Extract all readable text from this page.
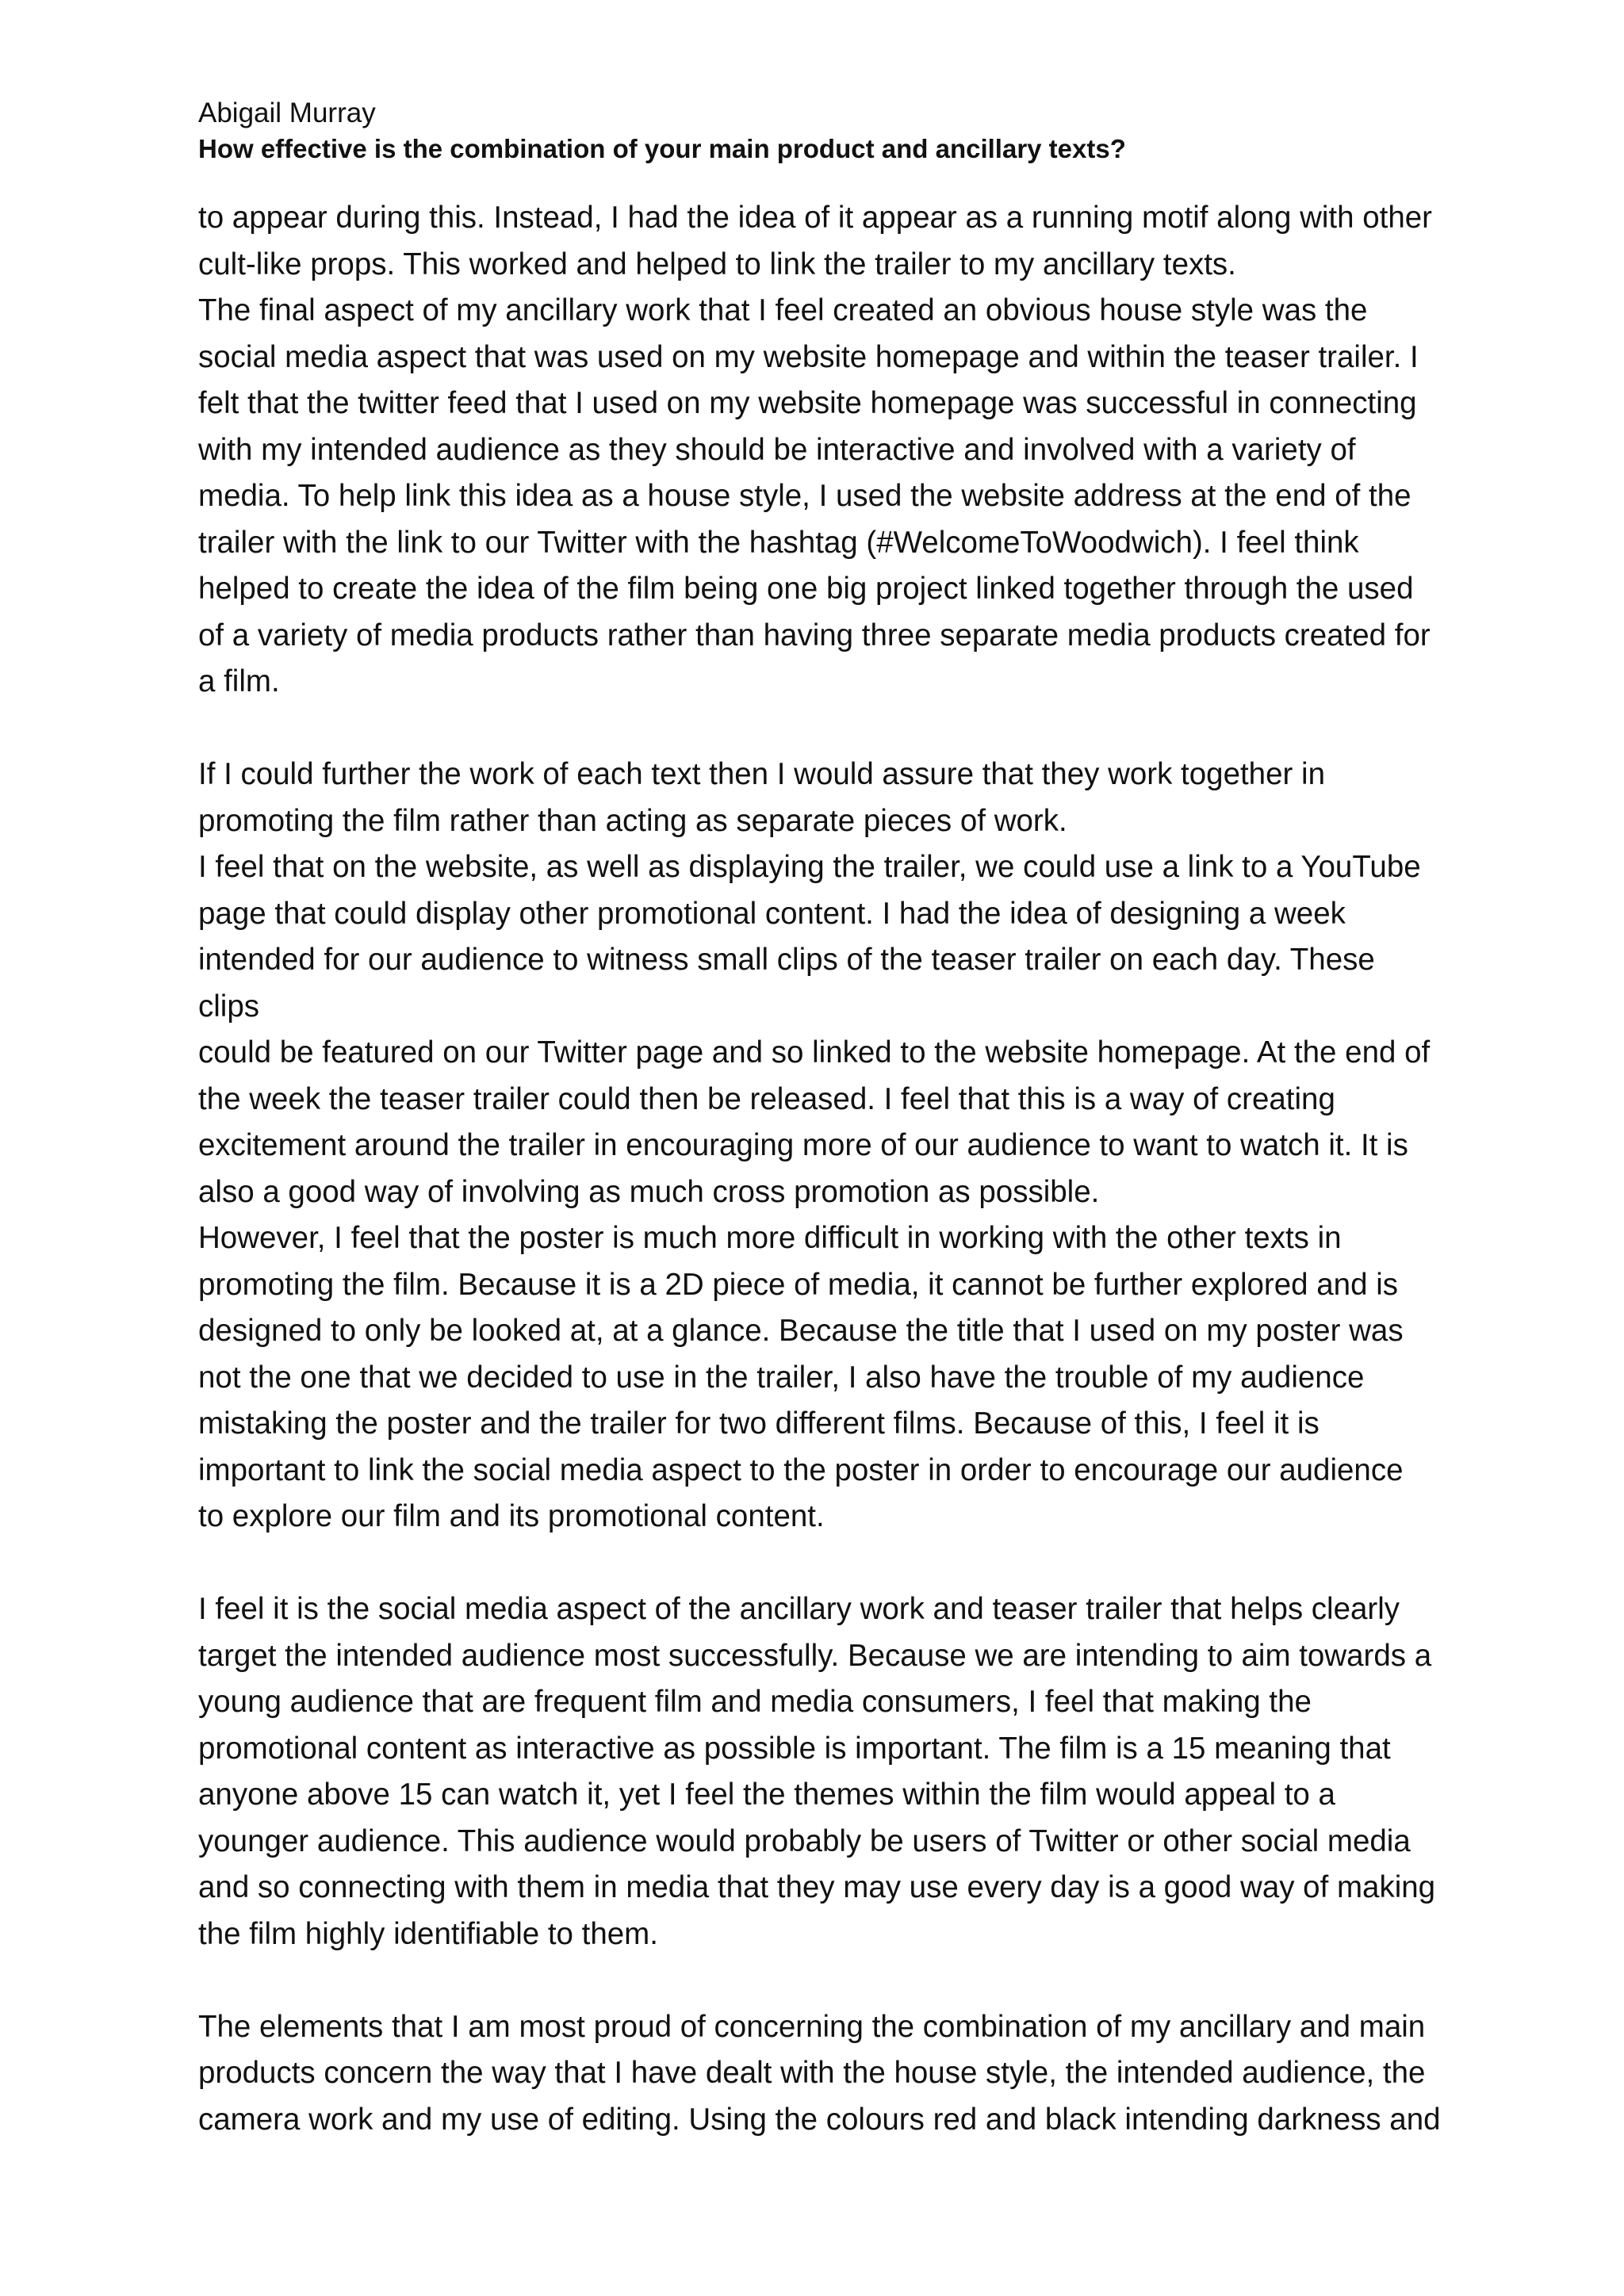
Abigail Murray

How effective is the combination of your main product and ancillary texts?

to appear during this. Instead, I had the idea of it appear as a running motif along with other
cult-like props. This worked and helped to link the trailer to my ancillary texts.

The final aspect of my ancillary work that I feel created an obvious house style was the
social media aspect that was used on my website homepage and within the teaser trailer. I
felt that the twitter feed that I used on my website homepage was successful in connecting
with my intended audience as they should be interactive and involved with a variety of
media. To help link this idea as a house style, I used the website address at the end of the
trailer with the link to our Twitter with the hashtag (#WelcomeToWoodwich). I feel think
helped to create the idea of the film being one big project linked together through the used
of a variety of media products rather than having three separate media products created for
a film.

If I could further the work of each text then I would assure that they work together in
promoting the film rather than acting as separate pieces of work.

I feel that on the website, as well as displaying the trailer, we could use a link to a YouTube
page that could display other promotional content. I had the idea of designing a week
intended for our audience to witness small clips of the teaser trailer on each day. These clips
could be featured on our Twitter page and so linked to the website homepage. At the end of
the week the teaser trailer could then be released. I feel that this is a way of creating
excitement around the trailer in encouraging more of our audience to want to watch it. It is
also a good way of involving as much cross promotion as possible.

However, I feel that the poster is much more difficult in working with the other texts in
promoting the film. Because it is a 2D piece of media, it cannot be further explored and is
designed to only be looked at, at a glance. Because the title that I used on my poster was
not the one that we decided to use in the trailer, I also have the trouble of my audience
mistaking the poster and the trailer for two different films. Because of this, I feel it is
important to link the social media aspect to the poster in order to encourage our audience
to explore our film and its promotional content.

I feel it is the social media aspect of the ancillary work and teaser trailer that helps clearly
target the intended audience most successfully. Because we are intending to aim towards a
young audience that are frequent film and media consumers, I feel that making the
promotional content as interactive as possible is important. The film is a 15 meaning that
anyone above 15 can watch it, yet I feel the themes within the film would appeal to a
younger audience. This audience would probably be users of Twitter or other social media
and so connecting with them in media that they may use every day is a good way of making
the film highly identifiable to them.

The elements that I am most proud of concerning the combination of my ancillary and main
products concern the way that I have dealt with the house style, the intended audience, the
camera work and my use of editing. Using the colours red and black intending darkness and
